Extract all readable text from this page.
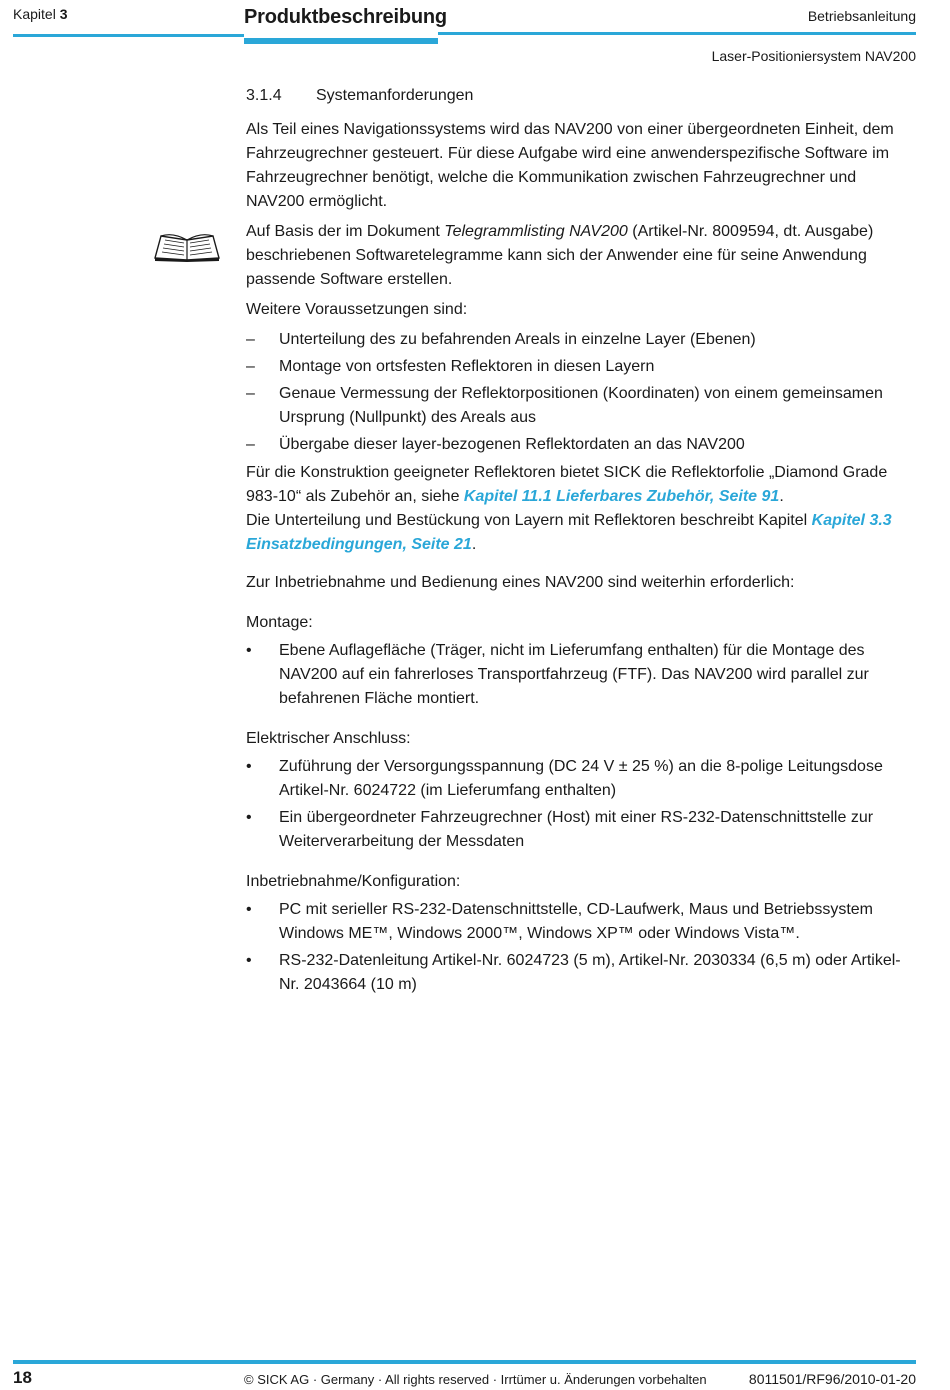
Kapitel 3	Produktbeschreibung	Betriebsanleitung
Laser-Positioniersystem NAV200
3.1.4 Systemanforderungen

Als Teil eines Navigationssystems wird das NAV200 von einer übergeordneten Einheit, dem Fahrzeugrechner gesteuert. Für diese Aufgabe wird eine anwenderspezifische Software im Fahrzeugrechner benötigt, welche die Kommunikation zwischen Fahrzeugrechner und NAV200 ermöglicht.

Auf Basis der im Dokument Telegrammlisting NAV200 (Artikel-Nr. 8009594, dt. Ausgabe) beschriebenen Softwaretelegramme kann sich der Anwender eine für seine Anwendung passende Software erstellen.

Weitere Voraussetzungen sind:

– Unterteilung des zu befahrenden Areals in einzelne Layer (Ebenen)
– Montage von ortsfesten Reflektoren in diesen Layern
– Genaue Vermessung der Reflektorpositionen (Koordinaten) von einem gemeinsamen Ursprung (Nullpunkt) des Areals aus
– Übergabe dieser layer-bezogenen Reflektordaten an das NAV200

Für die Konstruktion geeigneter Reflektoren bietet SICK die Reflektorfolie „Diamond Grade 983-10“ als Zubehör an, siehe Kapitel 11.1 Lieferbares Zubehör, Seite 91.

Die Unterteilung und Bestückung von Layern mit Reflektoren beschreibt Kapitel Kapitel 3.3 Einsatzbedingungen, Seite 21.

Zur Inbetriebnahme und Bedienung eines NAV200 sind weiterhin erforderlich:

Montage:
• Ebene Auflagefläche (Träger, nicht im Lieferumfang enthalten) für die Montage des NAV200 auf ein fahrerloses Transportfahrzeug (FTF). Das NAV200 wird parallel zur befahrenen Fläche montiert.
Elektrischer Anschluss:
• Zuführung der Versorgungsspannung (DC 24 V ± 25 %) an die 8-polige Leitungsdose Artikel-Nr. 6024722 (im Lieferumfang enthalten)
• Ein übergeordneter Fahrzeugrechner (Host) mit einer RS-232-Datenschnittstelle zur Weiterverarbeitung der Messdaten
Inbetriebnahme/Konfiguration:
• PC mit serieller RS-232-Datenschnittstelle, CD-Laufwerk, Maus und Betriebssystem Windows ME™, Windows 2000™, Windows XP™ oder Windows Vista™.
• RS-232-Datenleitung Artikel-Nr. 6024723 (5 m), Artikel-Nr. 2030334 (6,5 m) oder Artikel-Nr. 2043664 (10 m)
18	© SICK AG · Germany · All rights reserved · Irrtümer u. Änderungen vorbehalten	8011501/RF96/2010-01-20
